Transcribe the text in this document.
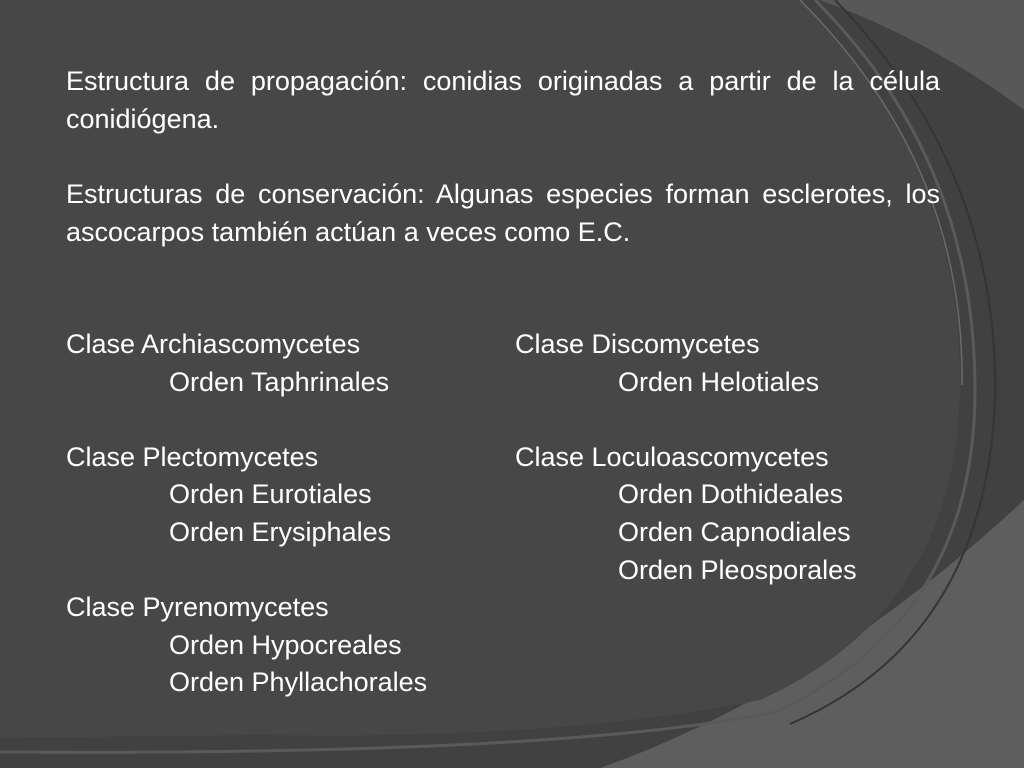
Estructura de propagación: conidias originadas a partir de la célula conidiógena.

Estructuras de conservación: Algunas especies forman esclerotes, los ascocarpos también actúan a veces como E.C.

Clase Archiascomycetes
Orden Taphrinales
Clase Plectomycetes
Orden Eurotiales
Orden Erysiphales
Clase Pyrenomycetes
Orden Hypocreales
Orden Phyllachorales
Clase Discomycetes
Orden Helotiales
Clase Loculoascomycetes
Orden Dothideales
Orden Capnodiales
Orden Pleosporales
